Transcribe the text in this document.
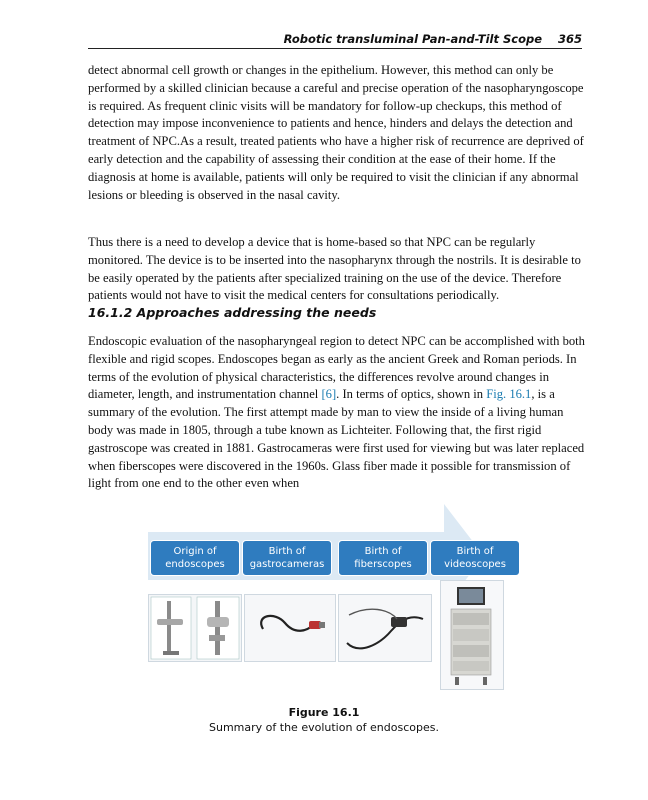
Robotic transluminal Pan-and-Tilt Scope 365

detect abnormal cell growth or changes in the epithelium. However, this method can only be performed by a skilled clinician because a careful and precise operation of the nasopharyngoscope is required. As frequent clinic visits will be mandatory for follow-up checkups, this method of detection may impose inconvenience to patients and hence, hinders and delays the detection and treatment of NPC.As a result, treated patients who have a higher risk of recurrence are deprived of early detection and the capability of assessing their condition at the ease of their home. If the diagnosis at home is available, patients will only be required to visit the clinician if any abnormal lesions or bleeding is observed in the nasal cavity.

Thus there is a need to develop a device that is home-based so that NPC can be regularly monitored. The device is to be inserted into the nasopharynx through the nostrils. It is desirable to be easily operated by the patients after specialized training on the use of the device. Therefore patients would not have to visit the medical centers for consultations periodically.

16.1.2 Approaches addressing the needs

Endoscopic evaluation of the nasopharyngeal region to detect NPC can be accomplished with both flexible and rigid scopes. Endoscopes began as early as the ancient Greek and Roman periods. In terms of the evolution of physical characteristics, the differences revolve around changes in diameter, length, and instrumentation channel [6]. In terms of optics, shown in Fig. 16.1, is a summary of the evolution. The first attempt made by man to view the inside of a living human body was made in 1805, through a tube known as Lichteiter. Following that, the first rigid gastroscope was created in 1881. Gastrocameras were first used for viewing but was later replaced when fiberscopes were discovered in the 1960s. Glass fiber made it possible for transmission of light from one end to the other even when

Origin of
endoscopes
Birth of
gastrocameras
Birth of
fiberscopes
Birth of
videoscopes
Figure 16.1
Summary of the evolution of endoscopes.
